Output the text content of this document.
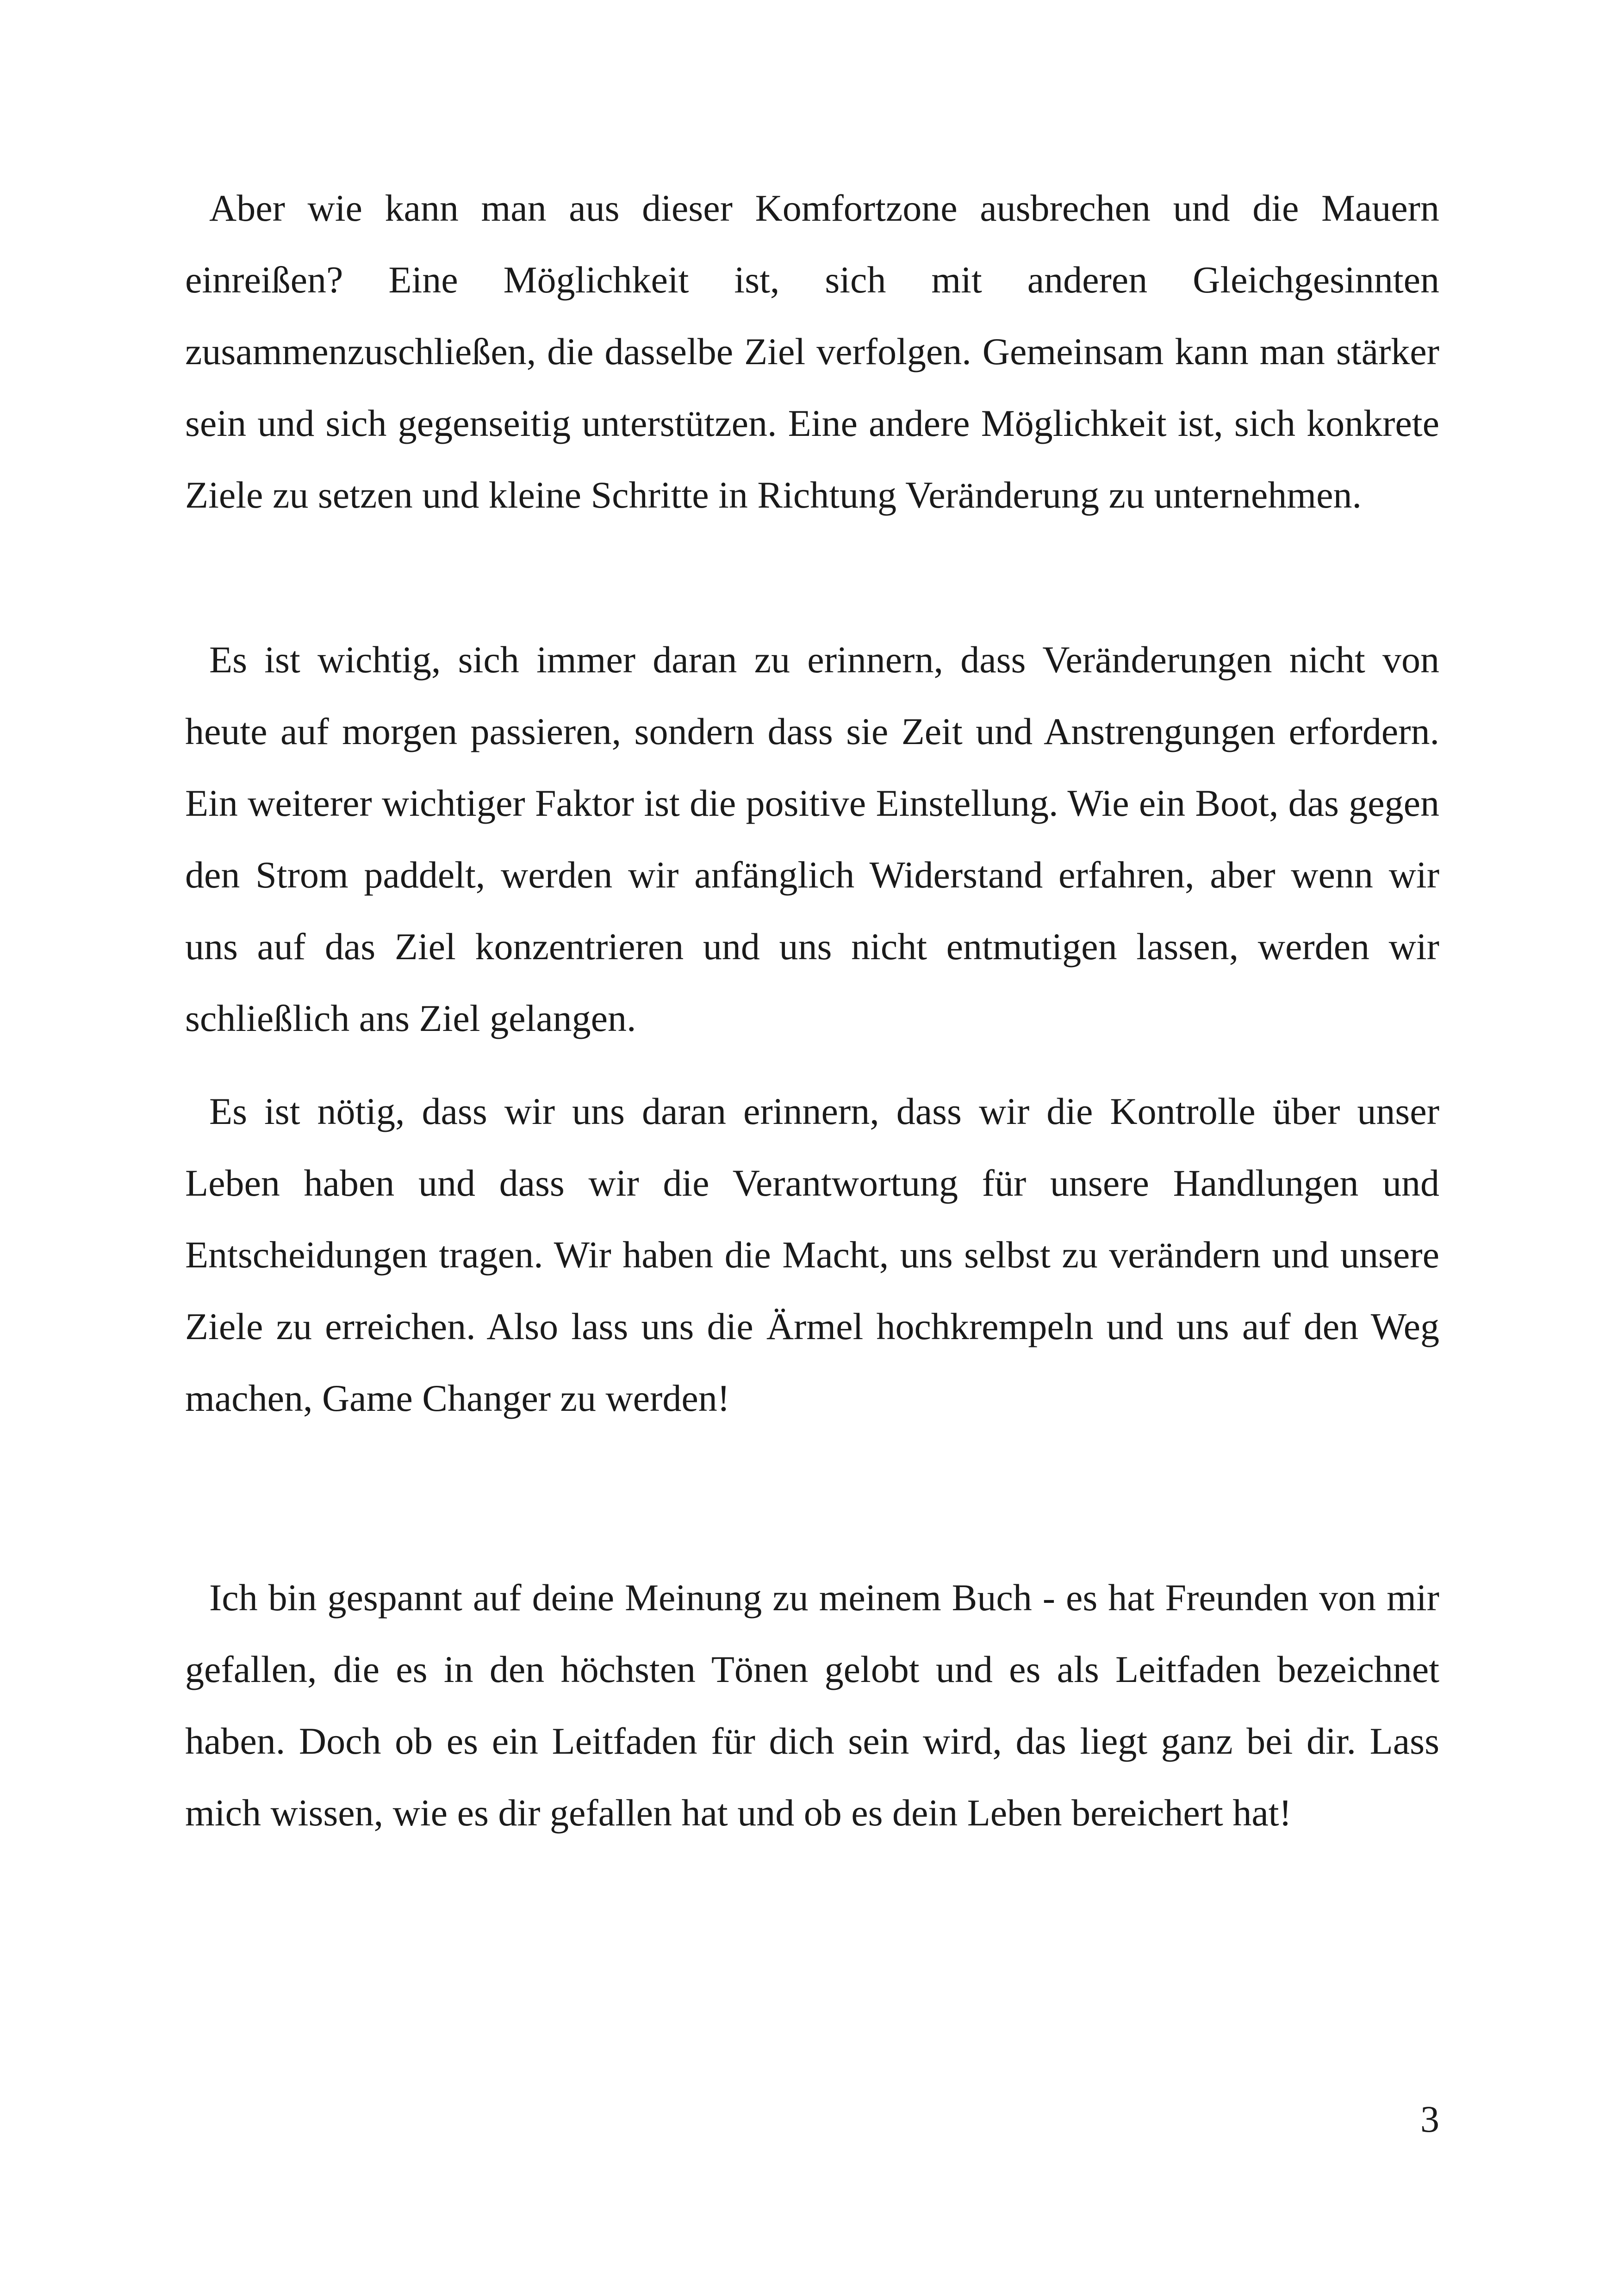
Aber wie kann man aus dieser Komfortzone ausbrechen und die Mauern einreißen? Eine Möglichkeit ist, sich mit anderen Gleichgesinnten zusammenzuschließen, die dasselbe Ziel verfolgen. Gemeinsam kann man stärker sein und sich gegenseitig unterstützen. Eine andere Möglichkeit ist, sich konkrete Ziele zu setzen und kleine Schritte in Richtung Veränderung zu unternehmen.

Es ist wichtig, sich immer daran zu erinnern, dass Veränderungen nicht von heute auf morgen passieren, sondern dass sie Zeit und Anstrengungen erfordern. Ein weiterer wichtiger Faktor ist die positive Einstellung. Wie ein Boot, das gegen den Strom paddelt, werden wir anfänglich Widerstand erfahren, aber wenn wir uns auf das Ziel konzentrieren und uns nicht entmutigen lassen, werden wir schließlich ans Ziel gelangen.

Es ist nötig, dass wir uns daran erinnern, dass wir die Kontrolle über unser Leben haben und dass wir die Verantwortung für unsere Handlungen und Entscheidungen tragen. Wir haben die Macht, uns selbst zu verändern und unsere Ziele zu erreichen. Also lass uns die Ärmel hochkrempeln und uns auf den Weg machen, Game Changer zu werden!

Ich bin gespannt auf deine Meinung zu meinem Buch - es hat Freunden von mir gefallen, die es in den höchsten Tönen gelobt und es als Leitfaden bezeichnet haben. Doch ob es ein Leitfaden für dich sein wird, das liegt ganz bei dir. Lass mich wissen, wie es dir gefallen hat und ob es dein Leben bereichert hat!

3
